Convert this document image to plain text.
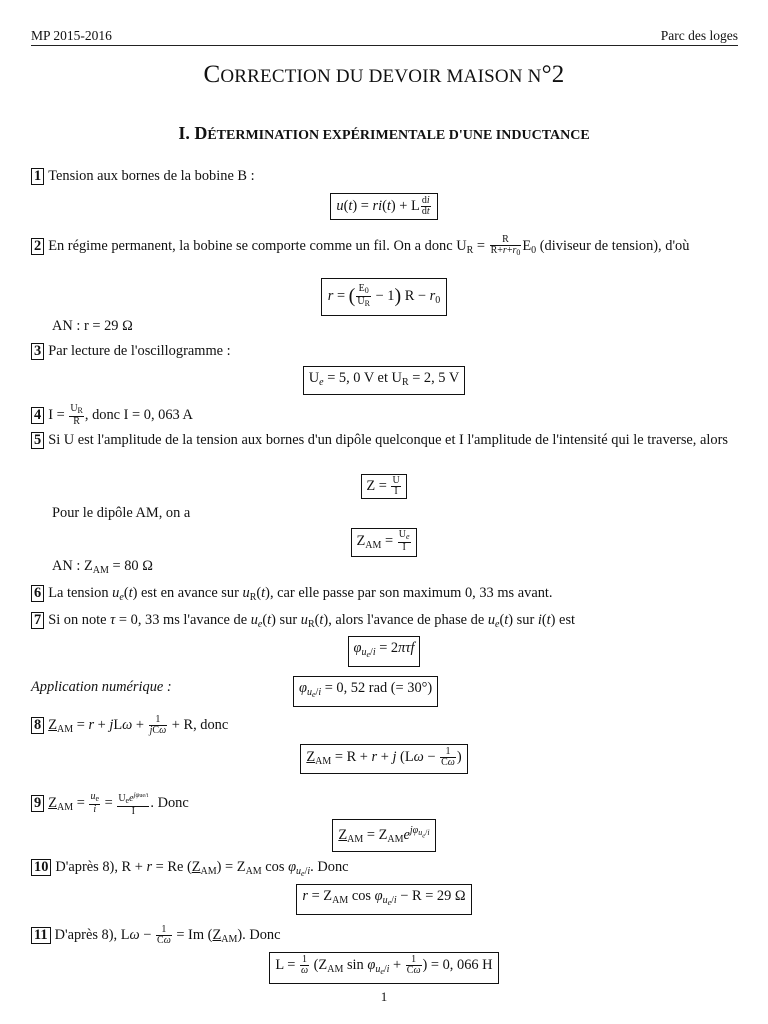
MP 2015-2016	Parc des loges
CORRECTION DU DEVOIR MAISON N°2
I. DÉTERMINATION EXPÉRIMENTALE D'UNE INDUCTANCE
1 Tension aux bornes de la bobine B :
u(t) = ri(t) + L $\frac{di}{dt}$
2 En régime permanent, la bobine se comporte comme un fil. On a donc $U_R = \frac{R}{R+r+r_0} E_0$ (diviseur de tension), d'où
r = ( $\frac{E_0}{U_R} - 1$) $R - r_0$
AN : r = 29 Ω
3 Par lecture de l'oscillogramme :
$U_e = 5$, 0 V et $U_R = 2$, 5 V
4 $I = \frac{U_R}{R}$ , donc I = 0, 063 A
5 Si U est l'amplitude de la tension aux bornes d'un dipôle quelconque et I l'amplitude de l'intensité qui le traverse, alors
$Z = \frac{U}{I}$
Pour le dipôle AM, on a
$Z_{AM} = \frac{U_e}{I}$
AN : $Z_{AM} = 80$ Ω
6 La tension $u_e(t)$ est en avance sur $u_R(t)$, car elle passe par son maximum 0, 33 ms avant.
7 Si on note τ = 0, 33 ms l'avance de $u_e(t)$ sur $u_R(t)$, alors l'avance de phase de $u_e(t)$ sur i(t) est
$\varphi_{u_e/i} = 2\pi\tau f$
Application numérique :	$\varphi_{u_e/i} = 0$, 52 rad (= 30°)
8 $Z_{AM} = r + jL\omega + 1$
jCω + R, donc
$Z_{AM} = R + r + j$ ($L\omega - \frac{1}{C\omega}$ )
9 $Z_{AM} = \frac{u_e}{i} = U_ee^{j\varphi ue/i}$
I
. Donc
$Z_{AM} = Z_{AM}e^{j\varphi_{u_e/i}}$
10 D'après 8), R + r = Re $(Z_{AM}) = Z_{AM}$ $\cos \varphi_{u_e/i}$. Donc
$r = Z_{AM}$ $\cos \varphi_{u_e/i} - R = 29$ Ω
11 D'après 8), $L\omega - \frac{1}{C\omega} = Im$ $(Z_{AM})$. Donc
$L = \frac{1}{\omega} (Z_{AM}$ $\sin \varphi_{u_e/i} + \frac{1}{C\omega}$ ) = 0, 066 H
1
